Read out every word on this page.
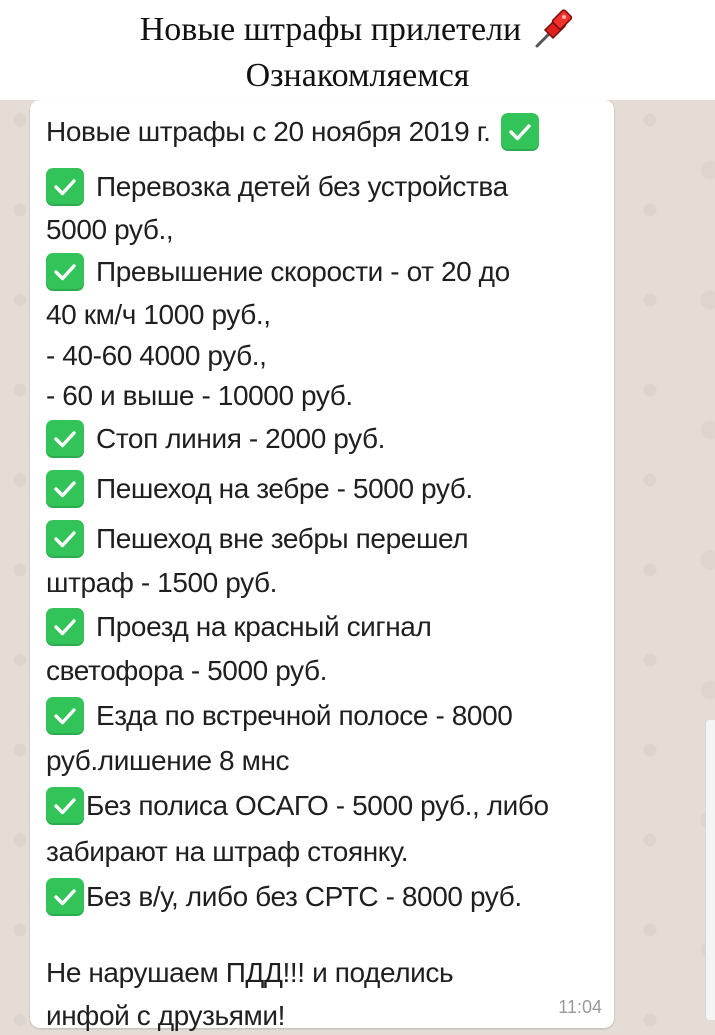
Новые штрафы прилетели
Ознакомляемся
Новые штрафы с 20 ноября 2019 г.
Перевозка детей без устройства
5000 руб.,
Превышение скорости - от 20 до
40 км/ч 1000 руб.,
- 40-60 4000 руб.,
- 60 и выше - 10000 руб.
Стоп линия - 2000 руб.
Пешеход на зебре - 5000 руб.
Пешеход вне зебры перешел
штраф - 1500 руб.
Проезд на красный сигнал
светофора - 5000 руб.
Езда по встречной полосе - 8000
руб.лишение 8 мнс
Без полиса ОСАГО - 5000 руб., либо
забирают на штраф стоянку.
Без в/у, либо без СРТС - 8000 руб.
Не нарушаем ПДД!!! и поделись
инфой с друзьями!	11:04
